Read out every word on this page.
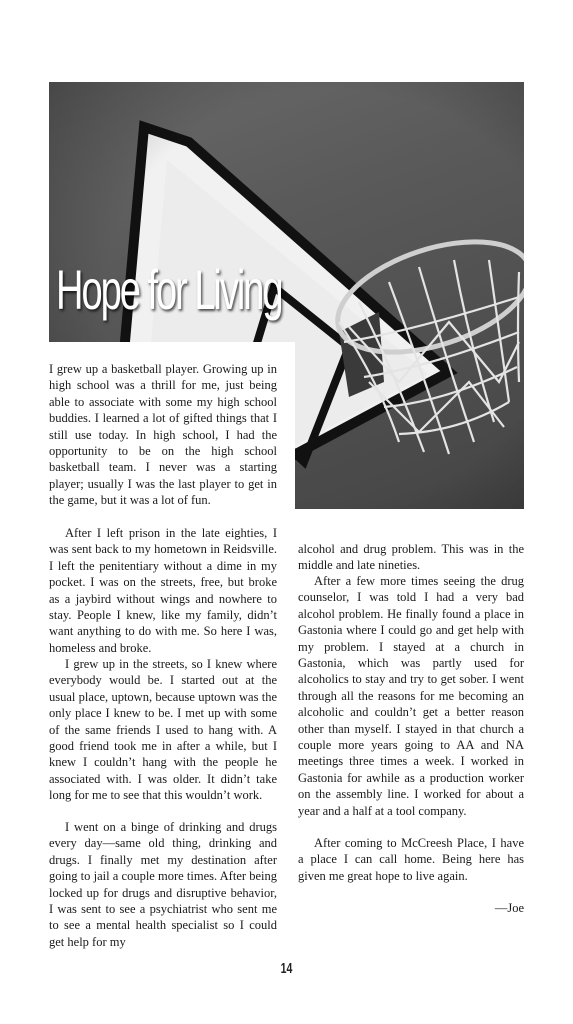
Hope for Living

I grew up a basketball player. Growing up in high school was a thrill for me, just being able to associate with some my high school buddies. I learned a lot of gifted things that I still use today. In high school, I had the opportunity to be on the high school basketball team. I never was a starting player; usually I was the last player to get in the game, but it was a lot of fun.

After I left prison in the late eighties, I was sent back to my hometown in Reidsville. I left the penitentiary without a dime in my pocket. I was on the streets, free, but broke as a jaybird without wings and nowhere to stay. People I knew, like my family, didn’t want anything to do with me. So here I was, homeless and broke.

I grew up in the streets, so I knew where everybody would be. I started out at the usual place, uptown, because uptown was the only place I knew to be. I met up with some of the same friends I used to hang with. A good friend took me in after a while, but I knew I couldn’t hang with the people he associated with. I was older. It didn’t take long for me to see that this wouldn’t work.

I went on a binge of drinking and drugs every day—same old thing, drinking and drugs. I finally met my destination after going to jail a couple more times. After being locked up for drugs and disruptive behavior, I was sent to see a psychiatrist who sent me to see a mental health specialist so I could get help for my

alcohol and drug problem. This was in the middle and late nineties.

After a few more times seeing the drug counselor, I was told I had a very bad alcohol problem. He finally found a place in Gastonia where I could go and get help with my problem. I stayed at a church in Gastonia, which was partly used for alcoholics to stay and try to get sober. I went through all the reasons for me becoming an alcoholic and couldn’t get a better reason other than myself. I stayed in that church a couple more years going to AA and NA meetings three times a week. I worked in Gastonia for awhile as a production worker on the assembly line. I worked for about a year and a half at a tool company.

After coming to McCreesh Place, I have a place I can call home. Being here has given me great hope to live again.

—Joe

14
